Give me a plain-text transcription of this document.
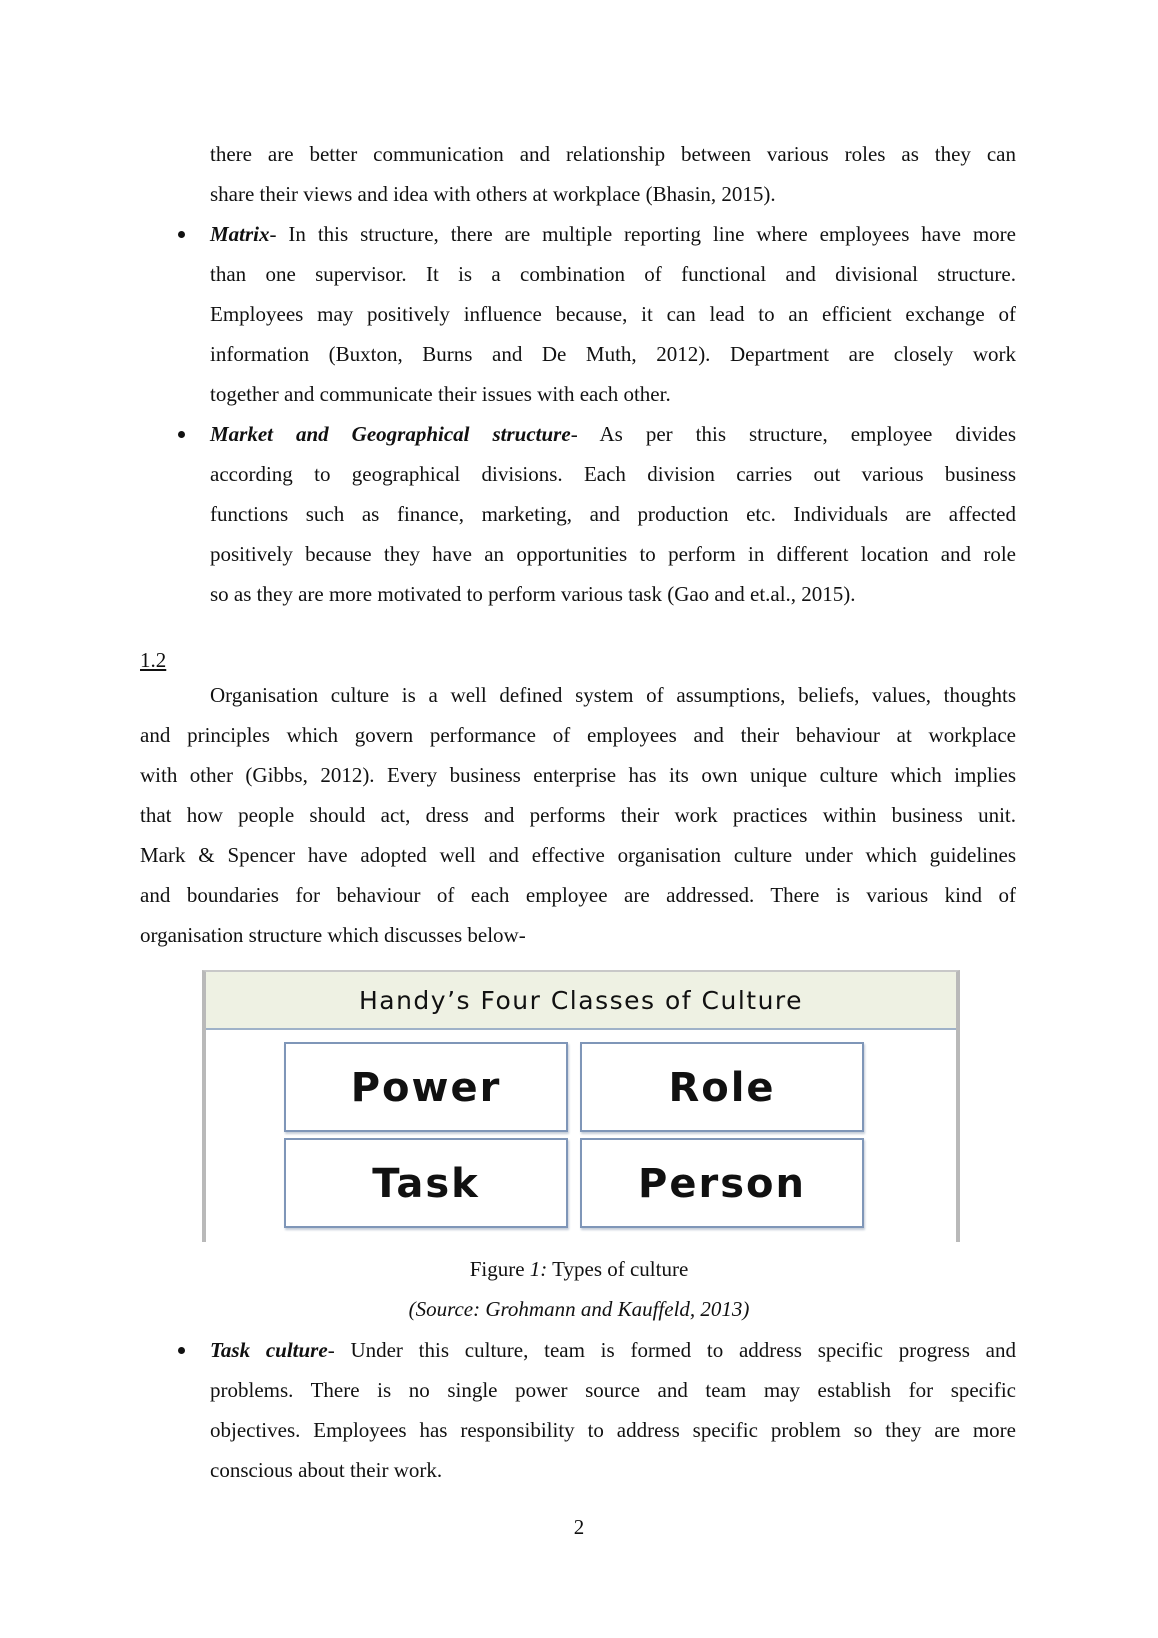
there are better communication and relationship between various roles as they can

share their views and idea with others at workplace (Bhasin, 2015).

Matrix- In this structure, there are multiple reporting line where employees have more

than one supervisor. It is a combination of functional and divisional structure.

Employees may positively influence because, it can lead to an efficient exchange of

information (Buxton, Burns and De Muth, 2012). Department are closely work

together and communicate their issues with each other.

Market and Geographical structure- As per this structure, employee divides

according to geographical divisions. Each division carries out various business

functions such as finance, marketing, and production etc. Individuals are affected

positively because they have an opportunities to perform in different location and role

so as they are more motivated to perform various task (Gao and et.al., 2015).

1.2

Organisation culture is a well defined system of assumptions, beliefs, values, thoughts

and principles which govern performance of employees and their behaviour at workplace

with other (Gibbs, 2012). Every business enterprise has its own unique culture which implies

that how people should act, dress and performs their work practices within business unit.

Mark & Spencer have adopted well and effective organisation culture under which guidelines

and boundaries for behaviour of each employee are addressed. There is various kind of

organisation structure which discusses below-

Handy’s Four Classes of Culture
Power	Role
Task	Person
Figure 1: Types of culture
(Source: Grohmann and Kauffeld, 2013)

Task culture- Under this culture, team is formed to address specific progress and

problems. There is no single power source and team may establish for specific

objectives. Employees has responsibility to address specific problem so they are more

conscious about their work.

2
